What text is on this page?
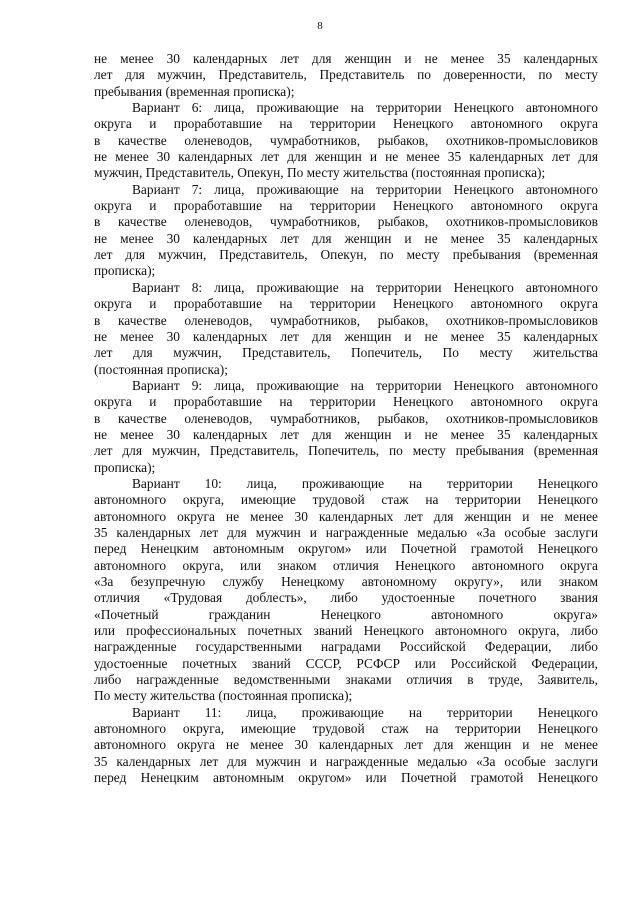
8
не менее 30 календарных лет для женщин и не менее 35 календарных
лет для мужчин, Представитель, Представитель по доверенности, по месту
пребывания (временная прописка);
Вариант 6: лица, проживающие на территории Ненецкого автономного
округа и проработавшие на территории Ненецкого автономного округа
в качестве оленеводов, чумработников, рыбаков, охотников-промысловиков
не менее 30 календарных лет для женщин и не менее 35 календарных лет для
мужчин, Представитель, Опекун, По месту жительства (постоянная прописка);
Вариант 7: лица, проживающие на территории Ненецкого автономного
округа и проработавшие на территории Ненецкого автономного округа
в качестве оленеводов, чумработников, рыбаков, охотников-промысловиков
не менее 30 календарных лет для женщин и не менее 35 календарных
лет для мужчин, Представитель, Опекун, по месту пребывания (временная
прописка);
Вариант 8: лица, проживающие на территории Ненецкого автономного
округа и проработавшие на территории Ненецкого автономного округа
в качестве оленеводов, чумработников, рыбаков, охотников-промысловиков
не менее 30 календарных лет для женщин и не менее 35 календарных
лет для мужчин, Представитель, Попечитель, По месту жительства
(постоянная прописка);
Вариант 9: лица, проживающие на территории Ненецкого автономного
округа и проработавшие на территории Ненецкого автономного округа
в качестве оленеводов, чумработников, рыбаков, охотников-промысловиков
не менее 30 календарных лет для женщин и не менее 35 календарных
лет для мужчин, Представитель, Попечитель, по месту пребывания (временная
прописка);
Вариант 10: лица, проживающие на территории Ненецкого
автономного округа, имеющие трудовой стаж на территории Ненецкого
автономного округа не менее 30 календарных лет для женщин и не менее
35 календарных лет для мужчин и награжденные медалью «За особые заслуги
перед Ненецким автономным округом» или Почетной грамотой Ненецкого
автономного округа, или знаком отличия Ненецкого автономного округа
«За безупречную службу Ненецкому автономному округу», или знаком
отличия «Трудовая доблесть», либо удостоенные почетного звания
«Почетный гражданин Ненецкого автономного округа»
или профессиональных почетных званий Ненецкого автономного округа, либо
награжденные государственными наградами Российской Федерации, либо
удостоенные почетных званий СССР, РСФСР или Российской Федерации,
либо награжденные ведомственными знаками отличия в труде, Заявитель,
По месту жительства (постоянная прописка);
Вариант 11: лица, проживающие на территории Ненецкого
автономного округа, имеющие трудовой стаж на территории Ненецкого
автономного округа не менее 30 календарных лет для женщин и не менее
35 календарных лет для мужчин и награжденные медалью «За особые заслуги
перед Ненецким автономным округом» или Почетной грамотой Ненецкого
